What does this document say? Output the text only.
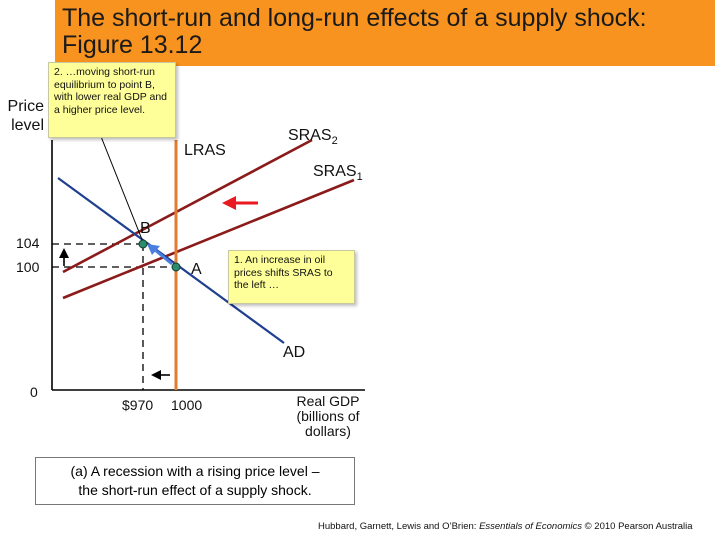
The short-run and long-run effects of a supply shock: Figure 13.12
Price
level
2. …moving short-run equilibrium to point B, with lower real GDP and a higher price level.
1. An increase in oil prices shifts SRAS to the left …
LRAS
$SRAS_2$
$SRAS_1$
AD
B
A
104
100
0
$970 1000	Real GDP
(billions of
dollars)
(a) A recession with a rising price level –
the short-run effect of a supply shock.
Hubbard, Garnett, Lewis and O’Brien: Essentials of Economics © 2010 Pearson Australia
